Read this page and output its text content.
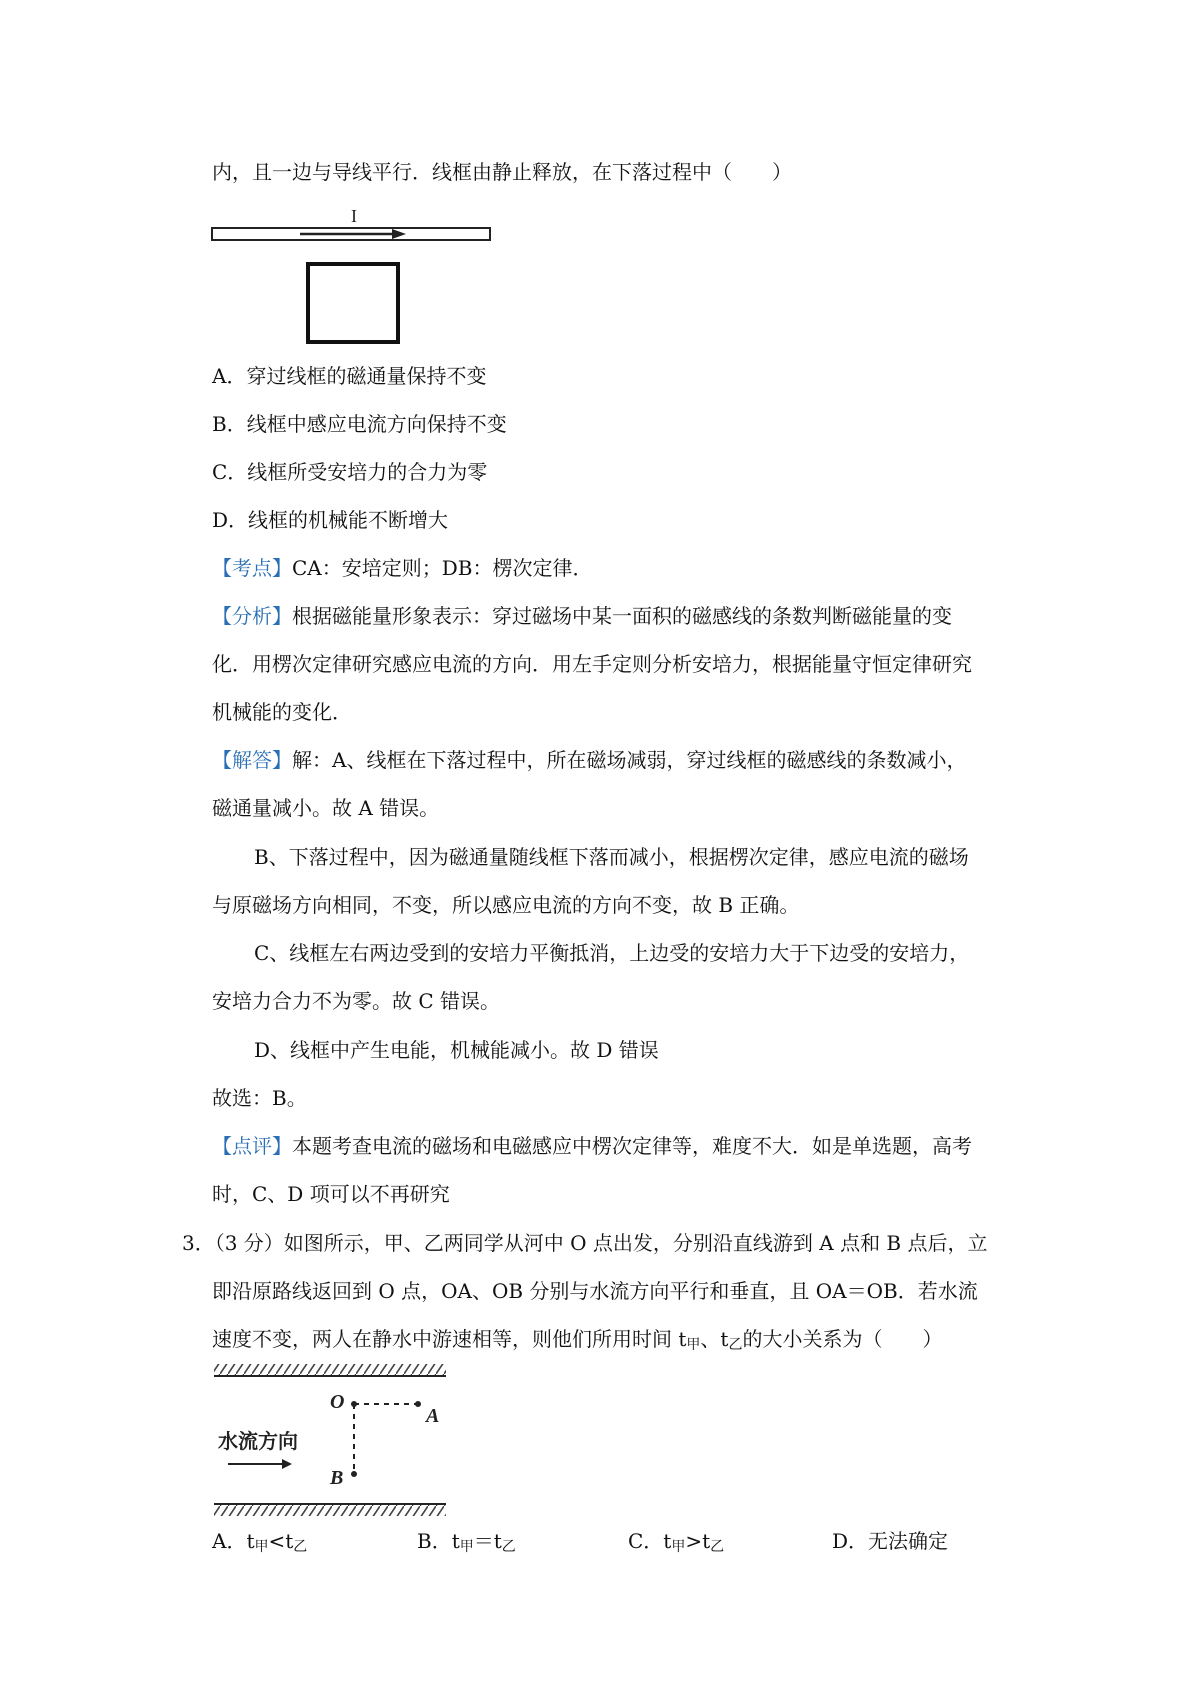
内，且一边与导线平行．线框由静止释放，在下落过程中（　　）
I
A．穿过线框的磁通量保持不变
B．线框中感应电流方向保持不变
C．线框所受安培力的合力为零
D．线框的机械能不断增大
【考点】CA：安培定则；DB：楞次定律．
【分析】根据磁能量形象表示：穿过磁场中某一面积的磁感线的条数判断磁能量的变
化．用楞次定律研究感应电流的方向．用左手定则分析安培力，根据能量守恒定律研究
机械能的变化．
【解答】解：A、线框在下落过程中，所在磁场减弱，穿过线框的磁感线的条数减小，
磁通量减小。故 A 错误。
B、下落过程中，因为磁通量随线框下落而减小，根据楞次定律，感应电流的磁场
与原磁场方向相同，不变，所以感应电流的方向不变，故 B 正确。
C、线框左右两边受到的安培力平衡抵消，上边受的安培力大于下边受的安培力，
安培力合力不为零。故 C 错误。
D、线框中产生电能，机械能减小。故 D 错误
故选：B。
【点评】本题考查电流的磁场和电磁感应中楞次定律等，难度不大．如是单选题，高考
时，C、D 项可以不再研究
3．（3 分）如图所示，甲、乙两同学从河中 O 点出发，分别沿直线游到 A 点和 B 点后，立
即沿原路线返回到 O 点，OA、OB 分别与水流方向平行和垂直，且 OA＝OB．若水流
速度不变，两人在静水中游速相等，则他们所用时间 $t_甲$、$t_乙$的大小关系为（　　）
O
A
B
水流方向
A．$t_甲<t_乙$	B．$t_甲=t_乙$	C．$t_甲>t_乙$	D．无法确定
